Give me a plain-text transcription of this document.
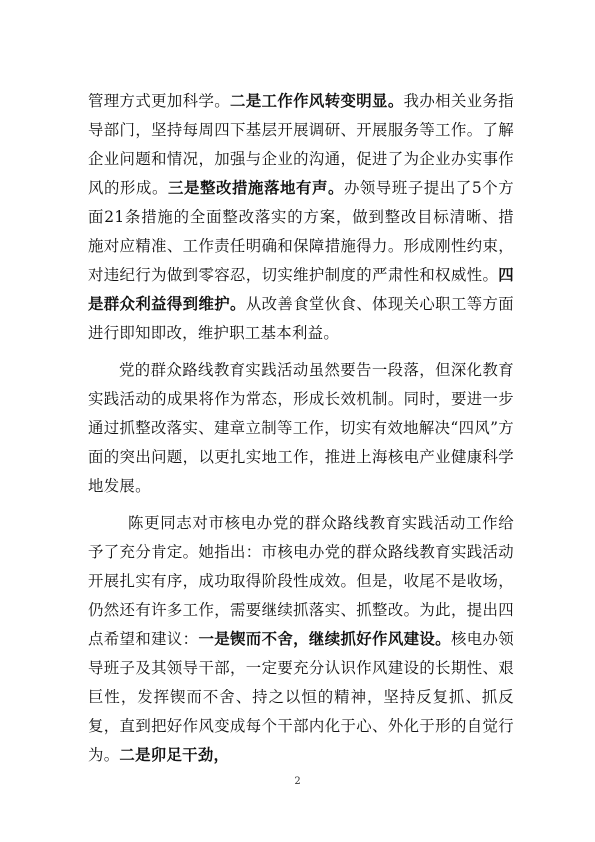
管理方式更加科学。二是工作作风转变明显。我办相关业务指导部门，坚持每周四下基层开展调研、开展服务等工作。了解企业问题和情况，加强与企业的沟通，促进了为企业办实事作风的形成。三是整改措施落地有声。办领导班子提出了5个方面21条措施的全面整改落实的方案，做到整改目标清晰、措施对应精准、工作责任明确和保障措施得力。形成刚性约束，对违纪行为做到零容忍，切实维护制度的严肃性和权威性。四是群众利益得到维护。从改善食堂伙食、体现关心职工等方面进行即知即改，维护职工基本利益。

党的群众路线教育实践活动虽然要告一段落，但深化教育实践活动的成果将作为常态，形成长效机制。同时，要进一步通过抓整改落实、建章立制等工作，切实有效地解决“四风”方面的突出问题，以更扎实地工作，推进上海核电产业健康科学地发展。

陈更同志对市核电办党的群众路线教育实践活动工作给予了充分肯定。她指出：市核电办党的群众路线教育实践活动开展扎实有序，成功取得阶段性成效。但是，收尾不是收场，仍然还有许多工作，需要继续抓落实、抓整改。为此，提出四点希望和建议：一是锲而不舍，继续抓好作风建设。核电办领导班子及其领导干部，一定要充分认识作风建设的长期性、艰巨性，发挥锲而不舍、持之以恒的精神，坚持反复抓、抓反复，直到把好作风变成每个干部内化于心、外化于形的自觉行为。二是卯足干劲，

2
